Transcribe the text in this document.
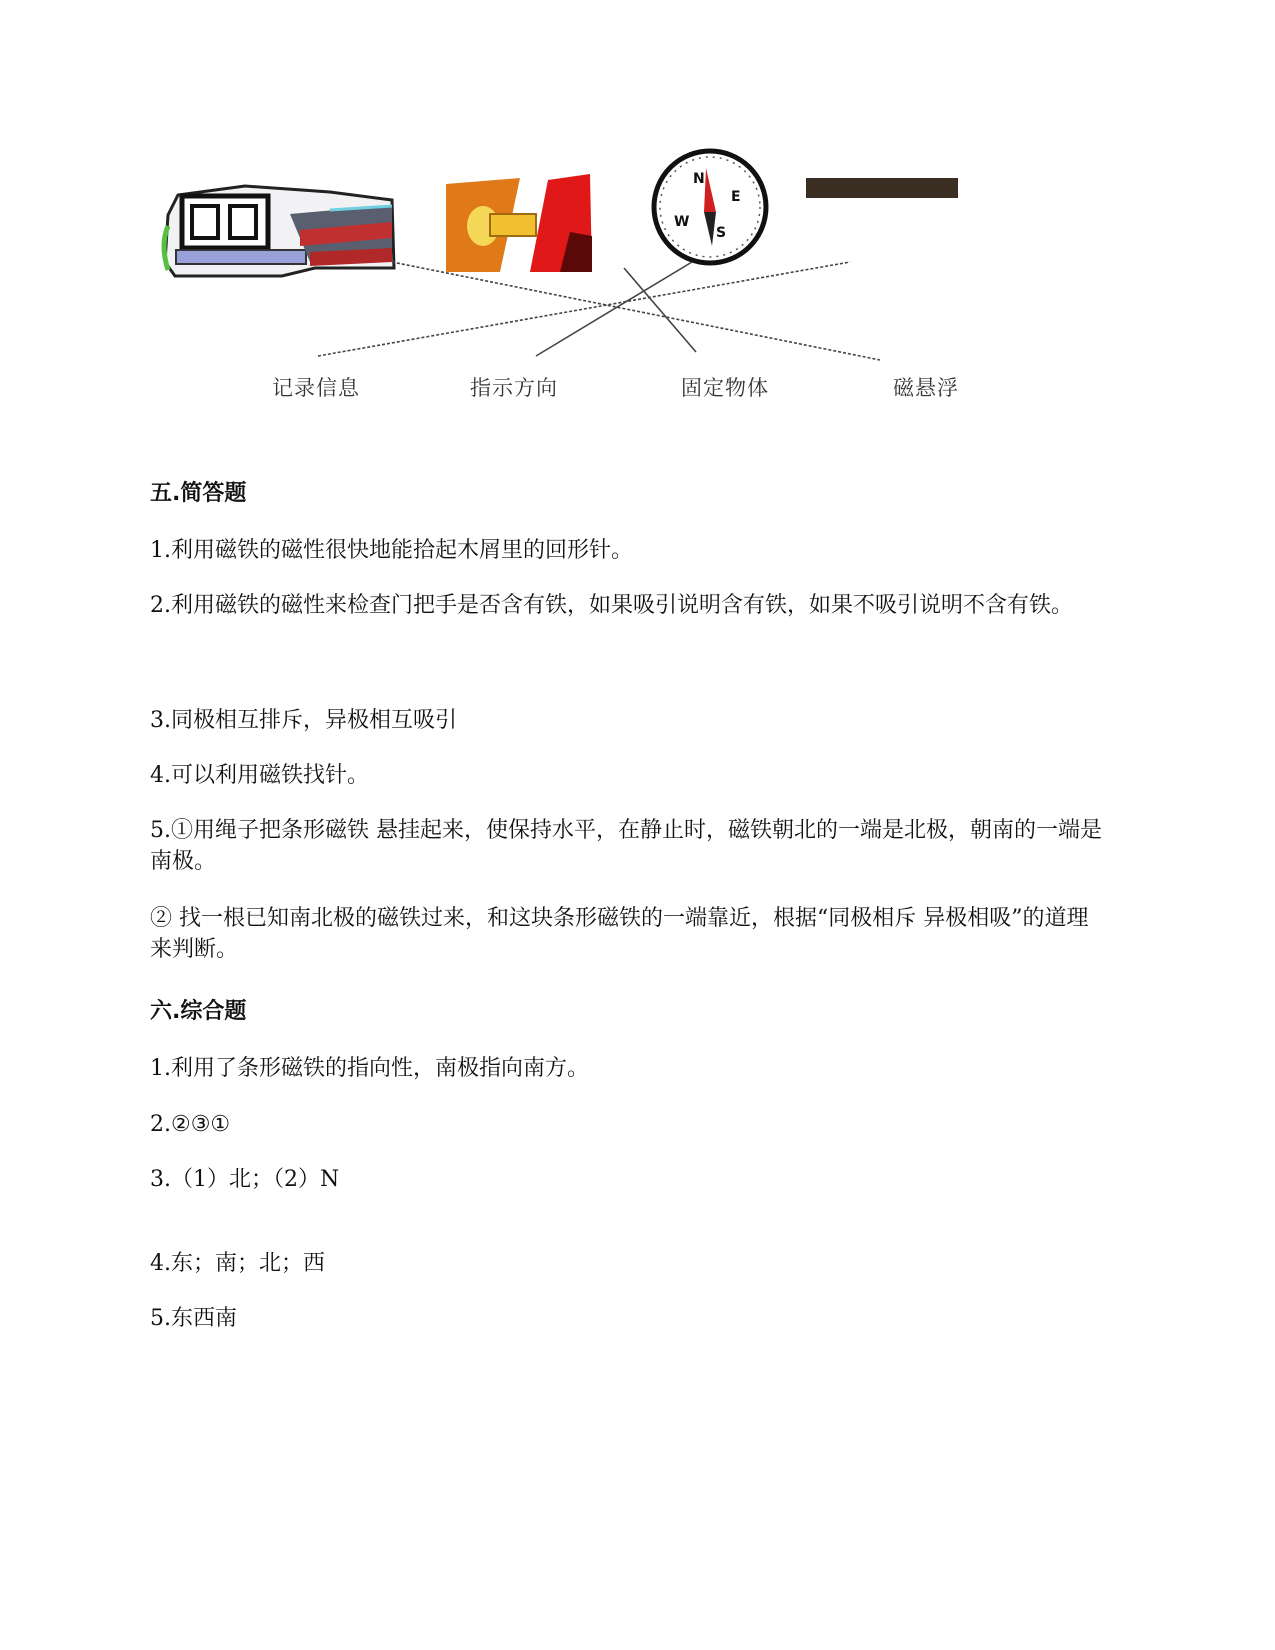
N
E
S
W
记录信息	指示方向	固定物体	磁悬浮
五.简答题
1.利用磁铁的磁性很快地能拾起木屑里的回形针。
2.利用磁铁的磁性来检查门把手是否含有铁，如果吸引说明含有铁，如果不吸引说明不含有铁。
3.同极相互排斥，异极相互吸引
4.可以利用磁铁找针。
5.①用绳子把条形磁铁 悬挂起来，使保持水平，在静止时，磁铁朝北的一端是北极，朝南的一端是南极。
② 找一根已知南北极的磁铁过来，和这块条形磁铁的一端靠近，根据“同极相斥 异极相吸”的道理来判断。
六.综合题
1.利用了条形磁铁的指向性，南极指向南方。
2.②③①
3.（1）北；（2）N
4.东；南；北；西
5.东西南
